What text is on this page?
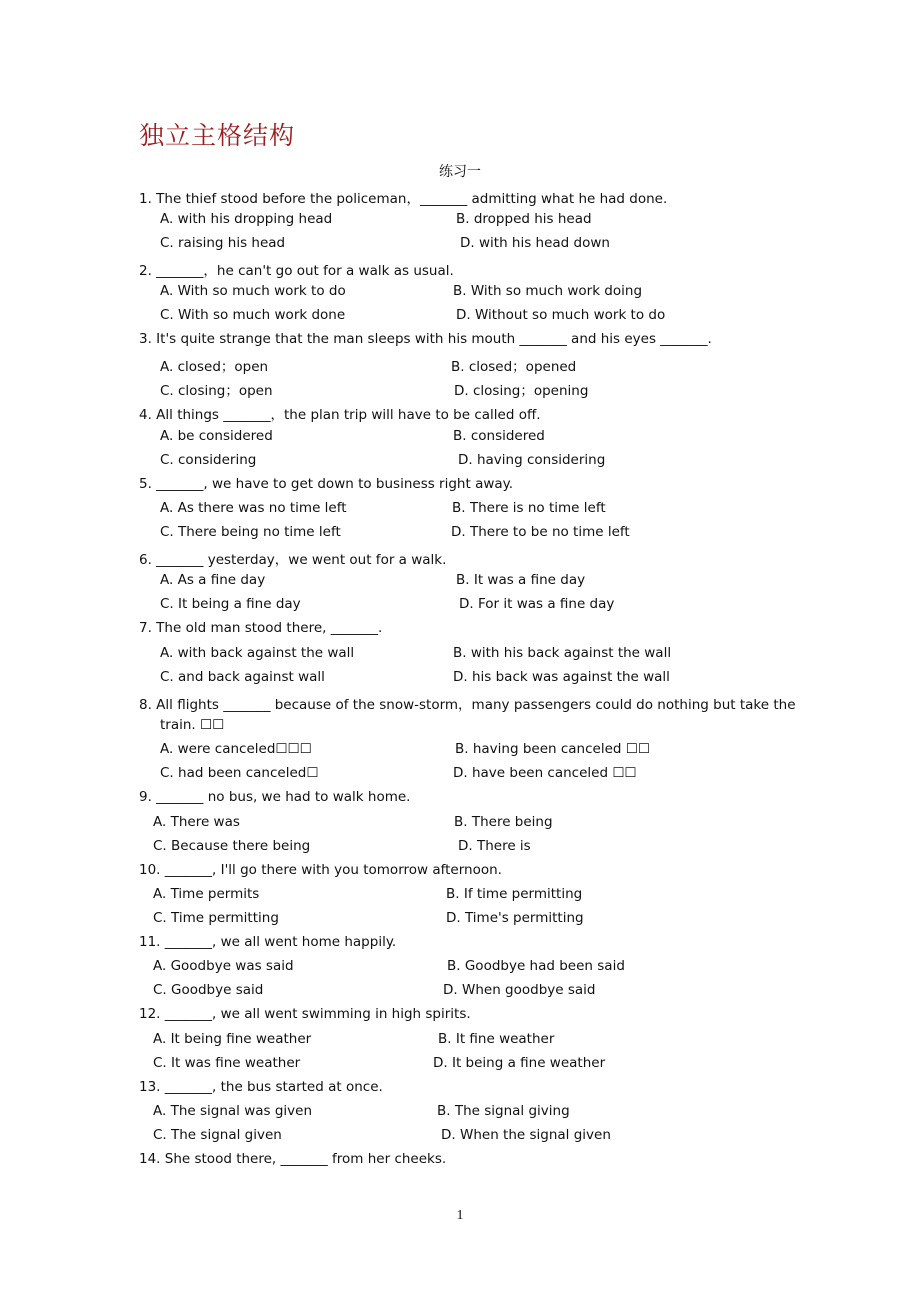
独立主格结构
练习一
1. The thief stood before the policeman，_______ admitting what he had done.
A. with his dropping head	B. dropped his head
C. raising his head	D. with his head down
2. _______，he can't go out for a walk as usual.
A. With so much work to do	B. With so much work doing
C. With so much work done	D. Without so much work to do
3. It's quite strange that the man sleeps with his mouth _______ and his eyes _______.
A. closed；open	B. closed；opened
C. closing；open	D. closing；opening
4. All things _______，the plan trip will have to be called off.
A. be considered	B. considered
C. considering	D. having considering
5. _______, we have to get down to business right away.
A. As there was no time left	B. There is no time left
C. There being no time left	D. There to be no time left
6. _______ yesterday，we went out for a walk.
A. As a fine day	B. It was a fine day
C. It being a fine day	D. For it was a fine day
7. The old man stood there, _______.
A. with back against the wall	B. with his back against the wall
C. and back against wall	D. his back was against the wall
8. All flights _______ because of the snow-storm，many passengers could do nothing but take the
train. ☐☐
A. were canceled☐☐☐	B. having been canceled ☐☐
C. had been canceled☐	D. have been canceled ☐☐
9. _______ no bus, we had to walk home.
A. There was	B. There being
C. Because there being	D. There is
10. _______, I'll go there with you tomorrow afternoon.
A. Time permits	B. If time permitting
C. Time permitting	D. Time's permitting
11. _______, we all went home happily.
A. Goodbye was said	B. Goodbye had been said
C. Goodbye said	D. When goodbye said
12. _______, we all went swimming in high spirits.
A. It being fine weather	B. It fine weather
C. It was fine weather	D. It being a fine weather
13. _______, the bus started at once.
A. The signal was given	B. The signal giving
C. The signal given	D. When the signal given
14. She stood there, _______ from her cheeks.
1
